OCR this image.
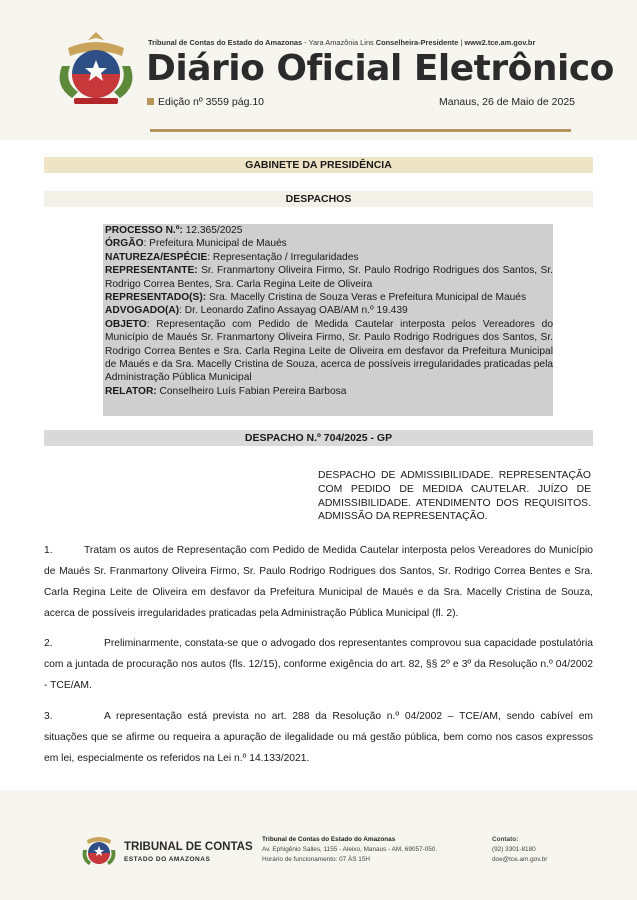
Tribunal de Contas do Estado do Amazonas - Yara Amazônia Lins Conselheira-Presidente | www2.tce.am.gov.br
Diário Oficial Eletrônico
Edição nº 3559 pág.10	Manaus, 26 de Maio de 2025
GABINETE DA PRESIDÊNCIA
DESPACHOS

PROCESSO N.º: 12.365/2025

ÓRGÃO: Prefeitura Municipal de Maués

NATUREZA/ESPÉCIE: Representação / Irregularidades

REPRESENTANTE: Sr. Franmartony Oliveira Firmo, Sr. Paulo Rodrigo Rodrigues dos Santos, Sr. Rodrigo Correa Bentes, Sra. Carla Regina Leite de Oliveira

REPRESENTADO(S): Sra. Macelly Cristina de Souza Veras e Prefeitura Municipal de Maués

ADVOGADO(A): Dr. Leonardo Zafino Assayag OAB/AM n.º 19.439

OBJETO: Representação com Pedido de Medida Cautelar interposta pelos Vereadores do Município de Maués Sr. Franmartony Oliveira Firmo, Sr. Paulo Rodrigo Rodrigues dos Santos, Sr. Rodrigo Correa Bentes e Sra. Carla Regina Leite de Oliveira em desfavor da Prefeitura Municipal de Maués e da Sra. Macelly Cristina de Souza, acerca de possíveis irregularidades praticadas pela Administração Pública Municipal

RELATOR: Conselheiro Luís Fabian Pereira Barbosa

DESPACHO N.º 704/2025 - GP
DESPACHO DE ADMISSIBILIDADE. REPRESENTAÇÃO COM PEDIDO DE MEDIDA CAUTELAR. JUÍZO DE ADMISSIBILIDADE. ATENDIMENTO DOS REQUISITOS. ADMISSÃO DA REPRESENTAÇÃO.
1.	Tratam os autos de Representação com Pedido de Medida Cautelar interposta pelos Vereadores do Município de Maués Sr. Franmartony Oliveira Firmo, Sr. Paulo Rodrigo Rodrigues dos Santos, Sr. Rodrigo Correa Bentes e Sra. Carla Regina Leite de Oliveira em desfavor da Prefeitura Municipal de Maués e da Sra. Macelly Cristina de Souza, acerca de possíveis irregularidades praticadas pela Administração Pública Municipal (fl. 2).
2.	Preliminarmente, constata-se que o advogado dos representantes comprovou sua capacidade postulatória com a juntada de procuração nos autos (fls. 12/15), conforme exigência do art. 82, §§ 2º e 3º da Resolução n.º 04/2002 - TCE/AM.
3.	A representação está prevista no art. 288 da Resolução n.º 04/2002 – TCE/AM, sendo cabível em situações que se afirme ou requeira a apuração de ilegalidade ou má gestão pública, bem como nos casos expressos em lei, especialmente os referidos na Lei n.º 14.133/2021.
TRIBUNAL DE CONTAS
ESTADO DO AMAZONAS
Tribunal de Contas do Estado do Amazonas
Av. Ephigênio Salles, 1155 - Aleixo, Manaus - AM, 69057-050.
Horário de funcionamento: 07 ÀS 15H
Contato:
(92) 3301-8180
doe@tce.am.gov.br
